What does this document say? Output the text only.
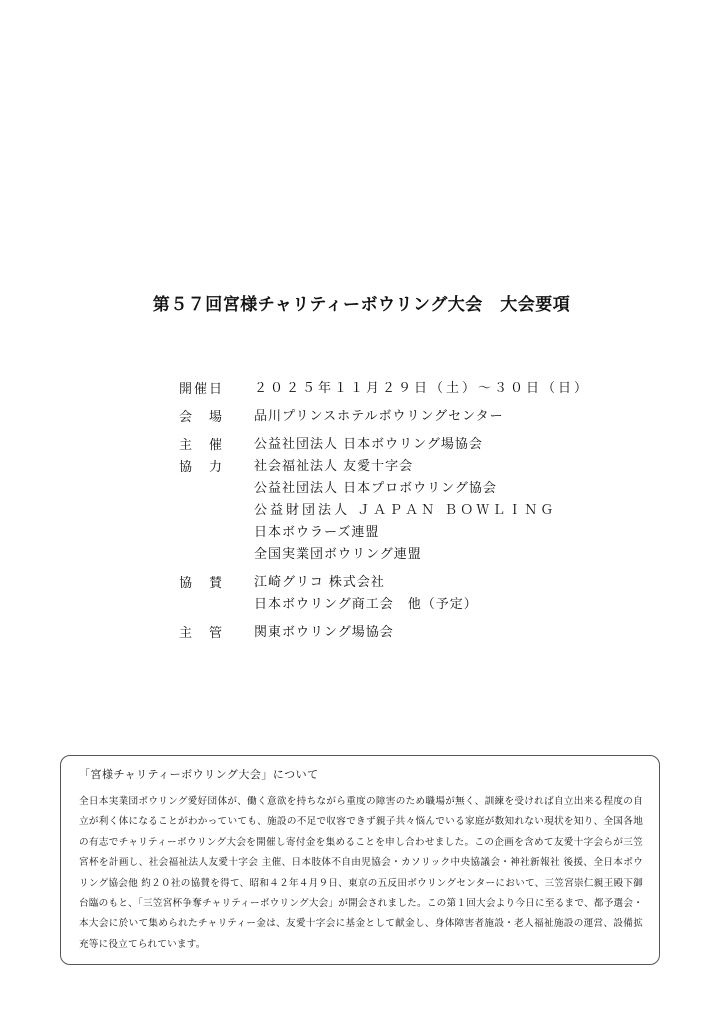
第５７回宮様チャリティーボウリング大会　大会要項
開催日	２０２５年１１月２９日（土）～３０日（日）
会　場	品川プリンスホテルボウリングセンター
主　催	公益社団法人 日本ボウリング場協会
協　力	社会福祉法人 友愛十字会
公益社団法人 日本プロボウリング協会
公益財団法人 ＪＡＰＡＮ ＢＯＷＬＩＮＧ
日本ボウラーズ連盟
全国実業団ボウリング連盟
協　賛	江崎グリコ 株式会社
日本ボウリング商工会　他（予定）
主　管	関東ボウリング場協会

「宮様チャリティーボウリング大会」について

全日本実業団ボウリング愛好団体が、働く意欲を持ちながら重度の障害のため職場が無く、訓練を受ければ自立出来る程度の自立が利く体になることがわかっていても、施設の不足で収容できず親子共々悩んでいる家庭が数知れない現状を知り、全国各地の有志でチャリティーボウリング大会を開催し寄付金を集めることを申し合わせました。この企画を含めて友愛十字会らが三笠宮杯を計画し、社会福祉法人友愛十字会 主催、日本肢体不自由児協会・カソリック中央協議会・神社新報社 後援、全日本ボウリング協会他 約２０社の協賛を得て、昭和４２年４月９日、東京の五反田ボウリングセンターにおいて、三笠宮崇仁親王殿下御台臨のもと、「三笠宮杯争奪チャリティーボウリング大会」が開会されました。この第１回大会より今日に至るまで、都予選会・本大会に於いて集められたチャリティー金は、友愛十字会に基金として献金し、身体障害者施設・老人福祉施設の運営、設備拡充等に役立てられています。
